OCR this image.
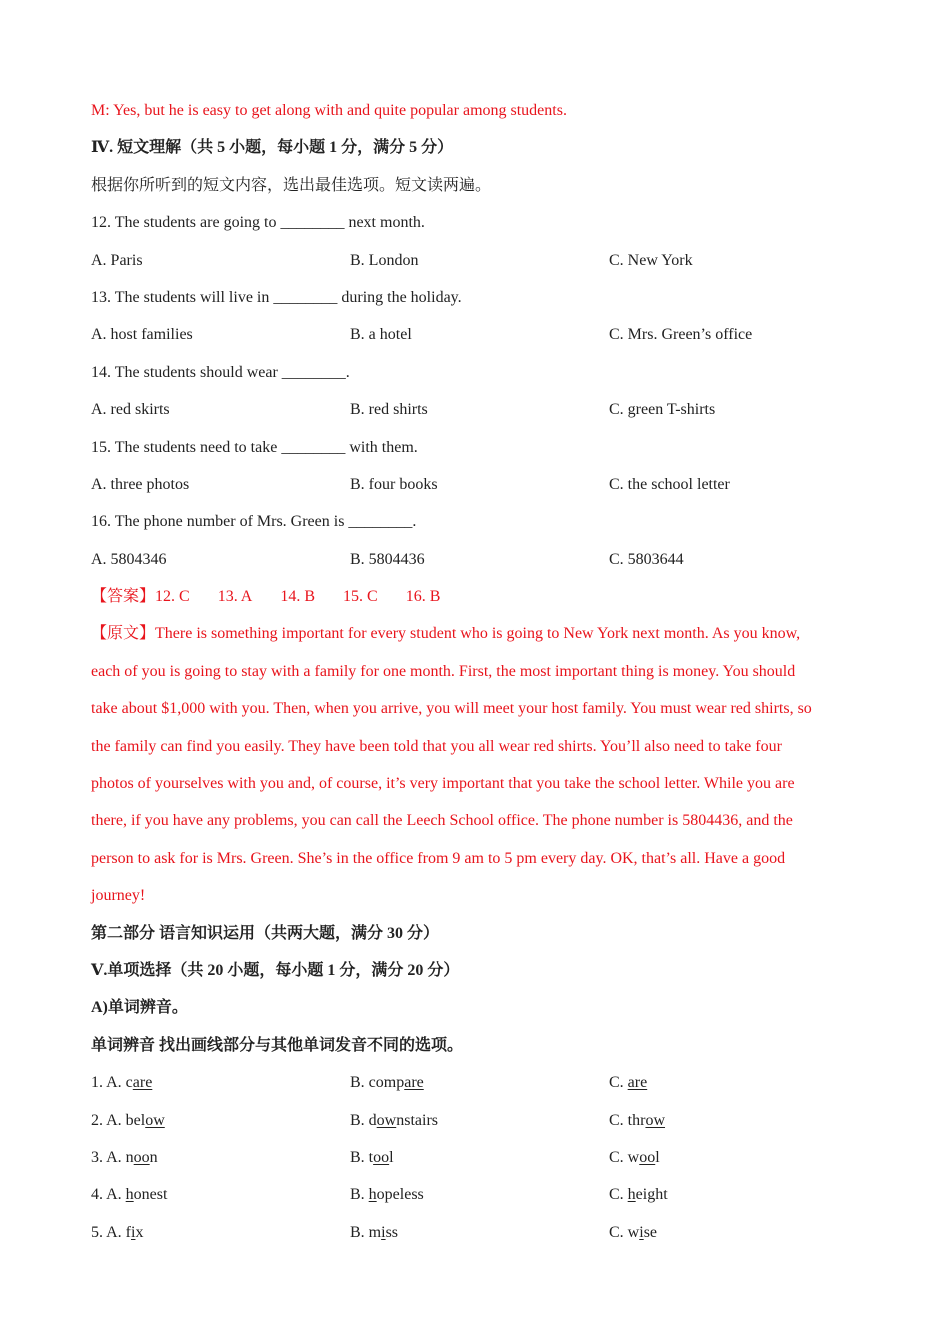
M: Yes, but he is easy to get along with and quite popular among students.
Ⅳ. 短文理解（共 5 小题，每小题 1 分，满分 5 分）
根据你所听到的短文内容，选出最佳选项。短文读两遍。
12. The students are going to ________ next month.
A. Paris	B. London	C. New York
13. The students will live in ________ during the holiday.
A. host families	B. a hotel	C. Mrs. Green’s office
14. The students should wear ________.
A. red skirts	B. red shirts	C. green T-shirts
15. The students need to take ________ with them.
A. three photos	B. four books	C. the school letter
16. The phone number of Mrs. Green is ________.
A. 5804346	B. 5804436	C. 5803644
【答案】12. C 13. A 14. B 15. C 16. B
【原文】There is something important for every student who is going to New York next month. As you know,
each of you is going to stay with a family for one month. First, the most important thing is money. You should
take about $1,000 with you. Then, when you arrive, you will meet your host family. You must wear red shirts, so
the family can find you easily. They have been told that you all wear red shirts. You’ll also need to take four
photos of yourselves with you and, of course, it’s very important that you take the school letter. While you are
there, if you have any problems, you can call the Leech School office. The phone number is 5804436, and the
person to ask for is Mrs. Green. She’s in the office from 9 am to 5 pm every day. OK, that’s all. Have a good
journey!
第二部分 语言知识运用（共两大题，满分 30 分）
Ⅴ.单项选择（共 20 小题，每小题 1 分，满分 20 分）
A)单词辨音。
单词辨音 找出画线部分与其他单词发音不同的选项。
1. A. care	B. compare	C. are
2. A. below	B. downstairs	C. throw
3. A. noon	B. tool	C. wool
4. A. honest	B. hopeless	C. height
5. A. fix	B. miss	C. wise
